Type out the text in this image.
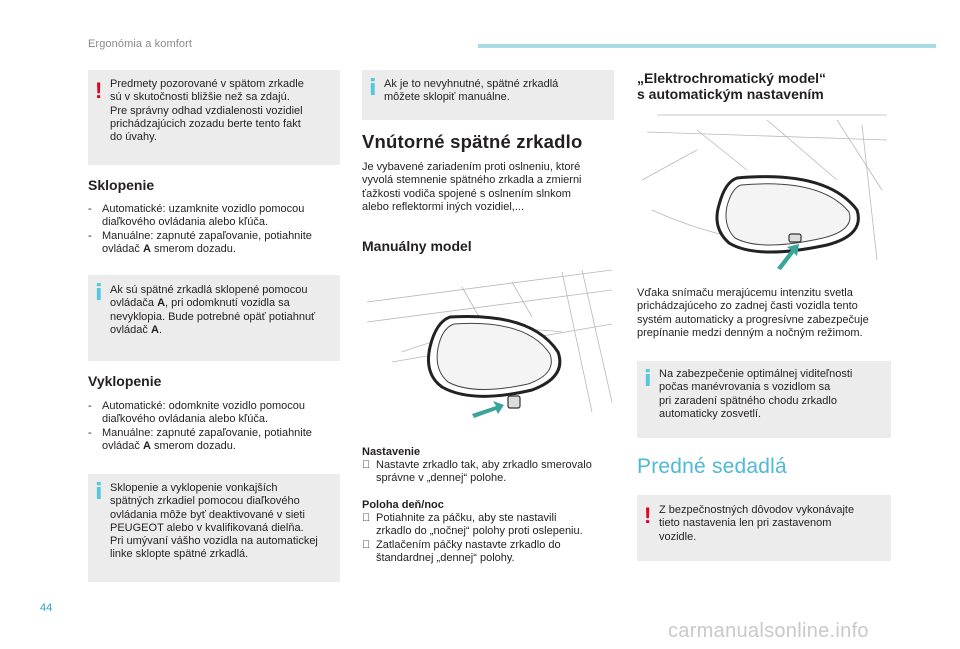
Ergonómia a komfort
! Predmety pozorované v spätom zrkadle
sú v skutočnosti bližšie než sa zdajú.
Pre správny odhad vzdialenosti vozidiel
prichádzajúcich zozadu berte tento fakt
do úvahy.

Sklopenie
- Automatické: uzamknite vozidlo pomocou
diaľkového ovládania alebo kľúča.
- Manuálne: zapnuté zapaľovanie, potiahnite
ovládač A smerom dozadu.
i Ak sú spätné zrkadlá sklopené pomocou
ovládača A, pri odomknutí vozidla sa
nevyklopia. Bude potrebné opäť potiahnuť
ovládač A.

Vyklopenie
- Automatické: odomknite vozidlo pomocou
diaľkového ovládania alebo kľúča.
- Manuálne: zapnuté zapaľovanie, potiahnite
ovládač A smerom dozadu.
i Sklopenie a vyklopenie vonkajších
spätných zrkadiel pomocou diaľkového
ovládania môže byť deaktivované v sieti
PEUGEOT alebo v kvalifikovaná dielňa.
Pri umývaní vášho vozidla na automatickej
linke sklopte spätné zrkadlá.

i Ak je to nevyhnutné, spätné zrkadlá
môžete sklopiť manuálne.

Vnútorné spätné zrkadlo
Je vybavené zariadením proti oslneniu, ktoré
vyvolá stemnenie spätného zrkadla a zmierni
ťažkosti vodiča spojené s oslnením slnkom
alebo reflektormi iných vozidiel,...
Manuálny model
Nastavenie
Nastavte zrkadlo tak, aby zrkadlo smerovalo
správne v „dennej“ polohe.
Poloha deň/noc
Potiahnite za páčku, aby ste nastavili
zrkadlo do „nočnej“ polohy proti oslepeniu.
Zatlačením páčky nastavte zrkadlo do
štandardnej „dennej“ polohy.
„Elektrochromatický model“
s automatickým nastavením
Vďaka snímaču merajúcemu intenzitu svetla
prichádzajúceho zo zadnej časti vozidla tento
systém automaticky a progresívne zabezpečuje
prepínanie medzi denným a nočným režimom.
i Na zabezpečenie optimálnej viditeľnosti
počas manévrovania s vozidlom sa
pri zaradení spätného chodu zrkadlo
automaticky zosvetlí.

Predné sedadlá
! Z bezpečnostných dôvodov vykonávajte
tieto nastavenia len pri zastavenom
vozidle.

44
carmanualsonline.info
